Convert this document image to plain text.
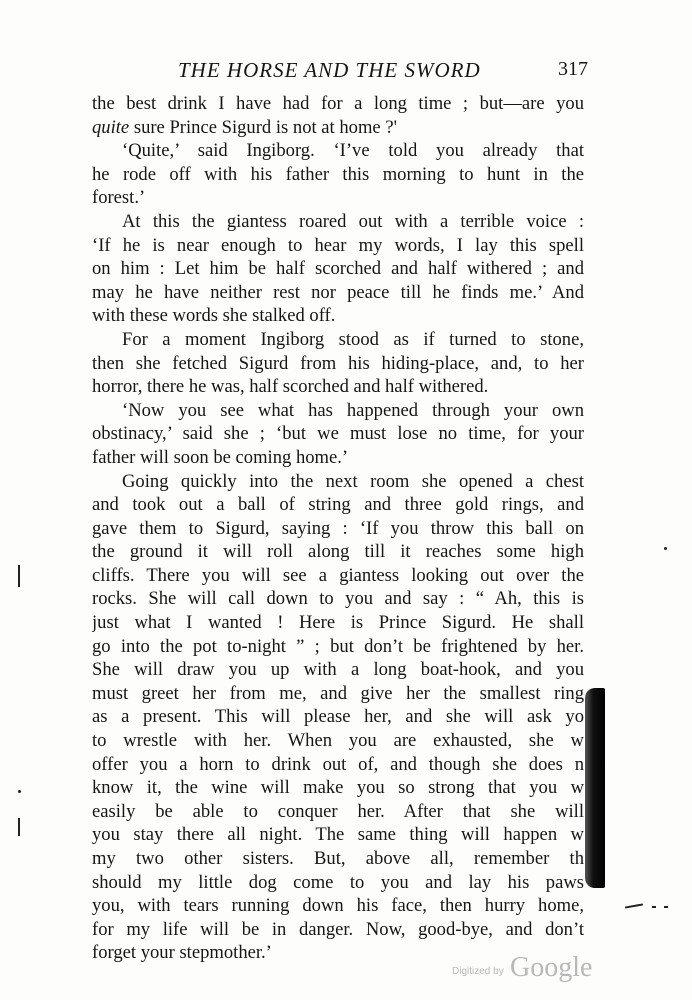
THE HORSE AND THE SWORD	317
the best drink I have had for a long time ; but—are you
quite sure Prince Sigurd is not at home ?'
‘Quite,’ said Ingiborg. ‘I’ve told you already that
he rode off with his father this morning to hunt in the
forest.’
At this the giantess roared out with a terrible voice :
‘If he is near enough to hear my words, I lay this spell
on him : Let him be half scorched and half withered ; and
may he have neither rest nor peace till he finds me.’ And
with these words she stalked off.
For a moment Ingiborg stood as if turned to stone,
then she fetched Sigurd from his hiding-place, and, to her
horror, there he was, half scorched and half withered.
‘Now you see what has happened through your own
obstinacy,’ said she ; ‘but we must lose no time, for your
father will soon be coming home.’
Going quickly into the next room she opened a chest
and took out a ball of string and three gold rings, and
gave them to Sigurd, saying : ‘If you throw this ball on
the ground it will roll along till it reaches some high
cliffs. There you will see a giantess looking out over the
rocks. She will call down to you and say : “ Ah, this is
just what I wanted ! Here is Prince Sigurd. He shall
go into the pot to-night ” ; but don’t be frightened by her.
She will draw you up with a long boat-hook, and you
must greet her from me, and give her the smallest ring
as a present. This will please her, and she will ask yo
to wrestle with her. When you are exhausted, she w
offer you a horn to drink out of, and though she does n
know it, the wine will make you so strong that you w
easily be able to conquer her. After that she will
you stay there all night. The same thing will happen w
my two other sisters. But, above all, remember th
should my little dog come to you and lay his paws
you, with tears running down his face, then hurry home,
for my life will be in danger. Now, good-bye, and don’t
forget your stepmother.’
Digitized by Google
